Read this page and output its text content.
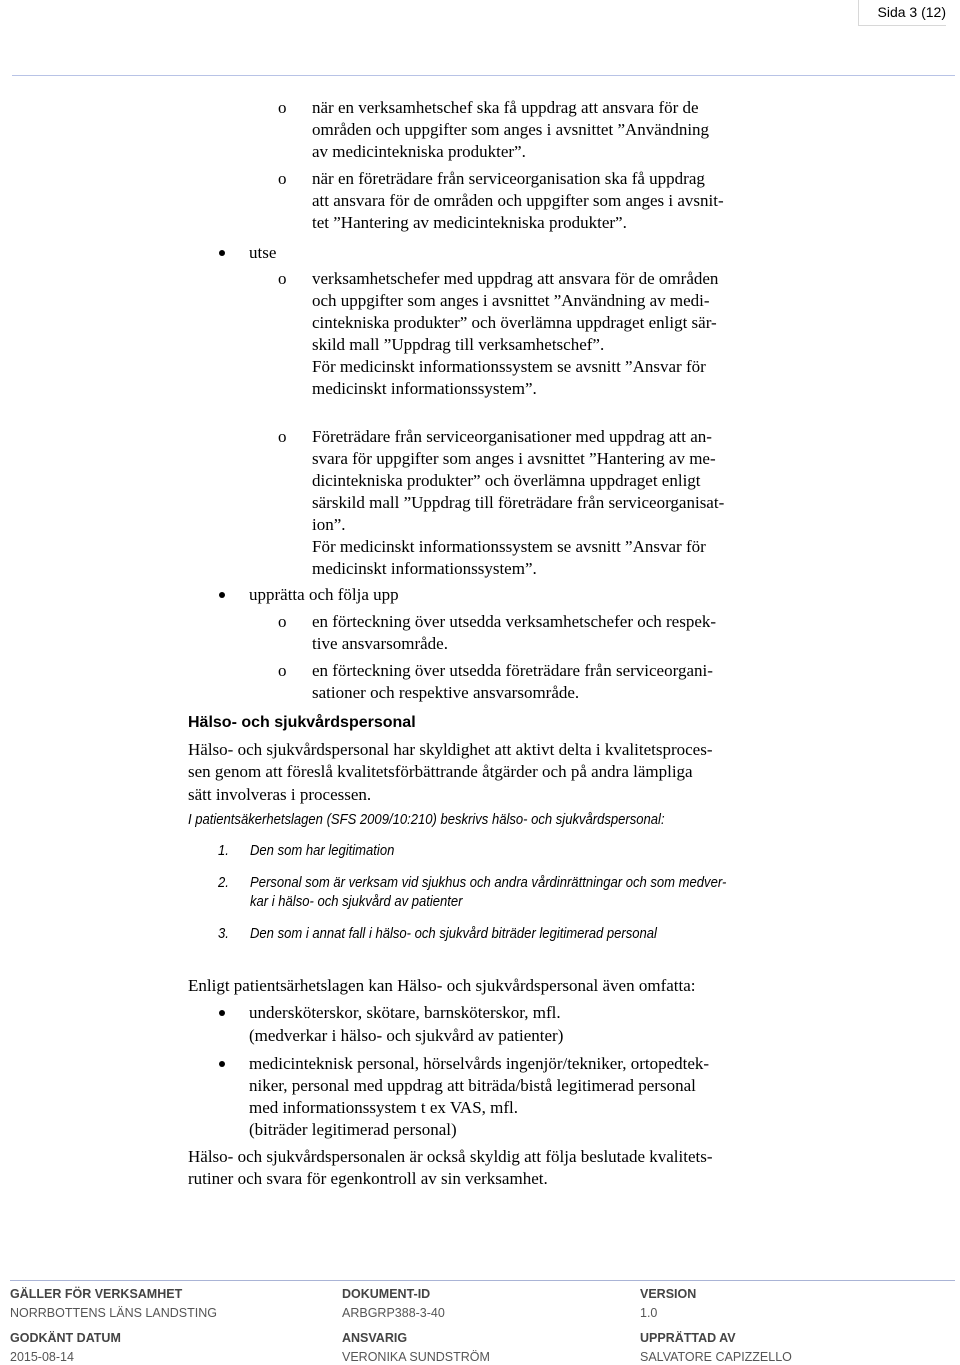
Sida 3 (12)
o när en verksamhetschef ska få uppdrag att ansvara för de
områden och uppgifter som anges i avsnittet ”Användning
av medicintekniska produkter”.
o när en företrädare från serviceorganisation ska få uppdrag
att ansvara för de områden och uppgifter som anges i avsnit-
tet ”Hantering av medicintekniska produkter”.
utse
o verksamhetschefer med uppdrag att ansvara för de områden
och uppgifter som anges i avsnittet ”Användning av medi-
cintekniska produkter” och överlämna uppdraget enligt sär-
skild mall ”Uppdrag till verksamhetschef”.
För medicinskt informationssystem se avsnitt ”Ansvar för
medicinskt informationssystem”.
o Företrädare från serviceorganisationer med uppdrag att an-
svara för uppgifter som anges i avsnittet ”Hantering av me-
dicintekniska produkter” och överlämna uppdraget enligt
särskild mall ”Uppdrag till företrädare från serviceorganisat-
ion”.
För medicinskt informationssystem se avsnitt ”Ansvar för
medicinskt informationssystem”.
upprätta och följa upp
o en förteckning över utsedda verksamhetschefer och respek-
tive ansvarsområde.
o en förteckning över utsedda företrädare från serviceorgani-
sationer och respektive ansvarsområde.
Hälso- och sjukvårdspersonal
Hälso- och sjukvårdspersonal har skyldighet att aktivt delta i kvalitetsproces-
sen genom att föreslå kvalitetsförbättrande åtgärder och på andra lämpliga
sätt involveras i processen.
I patientsäkerhetslagen (SFS 2009/10:210) beskrivs hälso- och sjukvårdspersonal:
1. Den som har legitimation
2. Personal som är verksam vid sjukhus och andra vårdinrättningar och som medver-
kar i hälso- och sjukvård av patienter
3. Den som i annat fall i hälso- och sjukvård biträder legitimerad personal
Enligt patientsärhetslagen kan Hälso- och sjukvårdspersonal även omfatta:
undersköterskor, skötare, barnsköterskor, mfl.
(medverkar i hälso- och sjukvård av patienter)
medicinteknisk personal, hörselvårds ingenjör/tekniker, ortopedtek-
niker, personal med uppdrag att biträda/bistå legitimerad personal
med informationssystem t ex VAS, mfl.
(biträder legitimerad personal)
Hälso- och sjukvårdspersonalen är också skyldig att följa beslutade kvalitets-
rutiner och svara för egenkontroll av sin verksamhet.
GÄLLER FÖR VERKSAMHET
NORRBOTTENS LÄNS LANDSTING
DOKUMENT-ID
ARBGRP388-3-40
VERSION
1.0
GODKÄNT DATUM
2015-08-14
ANSVARIG
VERONIKA SUNDSTRÖM
UPPRÄTTAD AV
SALVATORE CAPIZZELLO
